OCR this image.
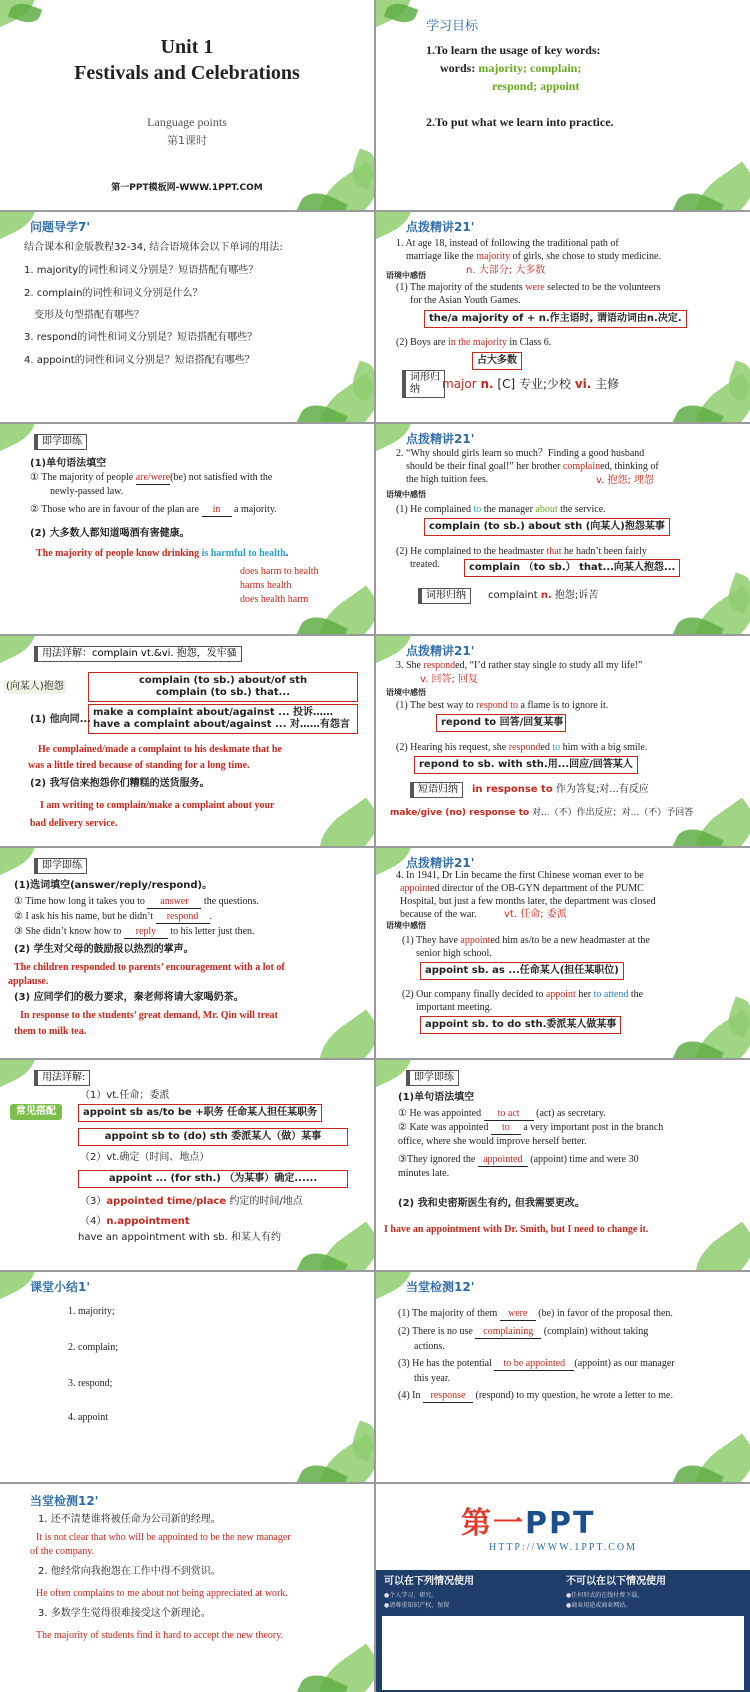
Unit 1
Festivals and Celebrations
Language points
第1课时
第一PPT模板网-WWW.1PPT.COM
学习目标
1.To learn the usage of key words:
words: majority; complain;
respond; appoint
2.To put what we learn into practice.
问题导学7'
结合课本和金版教程32-34, 结合语境体会以下单词的用法:
1. majority的词性和词义分别是？短语搭配有哪些？
2. complain的词性和词义分别是什么？
变形及句型搭配有哪些？
3. respond的词性和词义分别是？短语搭配有哪些？
4. appoint的词性和词义分别是？短语搭配有哪些？
点拨精讲21'
1. At age 18, instead of following the traditional path of
marriage like the majority of girls, she chose to study medicine.
n. 大部分; 大多数
语境中感悟
(1) The majority of the students were selected to be the volunteers
for the Asian Youth Games.
the/a majority of + n.作主语时, 谓语动词由n.决定.
(2) Boys are in the majority in Class 6.
占大多数
词形归纳	major n. [C] 专业;少校 vi. 主修
即学即练
(1)单句语法填空
① The majority of people are/were(be) not satisfied with the
newly-passed law.
② Those who are in favour of the plan are in a majority.
(2) 大多数人都知道喝酒有害健康。
The majority of people know drinking is harmful to health.
does harm to health
harms health
does health harm
点拨精讲21'
2. “Why should girls learn so much？Finding a good husband
should be their final goal!” her brother complained, thinking of
the high tuition fees.	v. 抱怨; 埋怨
语境中感悟
(1) He complained to the manager about the service.
complain (to sb.) about sth (向某人)抱怨某事
(2) He complained to the headmaster that he hadn’t been fairly
treated.	complain （to sb.） that...向某人抱怨...
词形归纳	complaint n. 抱怨;诉苦
用法详解：complain vt.&vi. 抱怨，发牢骚
(向某人)抱怨
complain (to sb.) about/of sth
complain (to sb.) that...
make a complaint about/against ... 投诉……
have a complaint about/against ... 对……有怨言
(1) 他向同...
He complained/made a complaint to his deskmate that he
was a little tired because of standing for a long time.
(2) 我写信来抱怨你们糟糕的送货服务。
I am writing to complain/make a complaint about your
bad delivery service.
点拨精讲21'
3. She responded, “I’d rather stay single to study all my life!”
v. 回答; 回复
语境中感悟
(1) The best way to respond to a flame is to ignore it.
repond to 回答/回复某事
(2) Hearing his request, she responded to him with a big smile.
repond to sb. with sth.用...回应/回答某人
短语归纳	in response to 作为答复;对...有反应
make/give (no) response to 对...（不）作出反应；对...（不）予回答
即学即练
(1)选词填空(answer/reply/respond)。
① Time how long it takes you to answer the questions.
② I ask his his name, but he didn’t respond .
③ She didn’t know how to reply to his letter just then.
(2) 学生对父母的鼓励报以热烈的掌声。
The children responded to parents’ encouragement with a lot of
applause.
(3) 应同学们的极力要求，秦老师将请大家喝奶茶。
In response to the students’ great demand, Mr. Qin will treat
them to milk tea.
点拨精讲21'
4. In 1941, Dr Lin became the first Chinese woman ever to be
appointed director of the OB-GYN department of the PUMC
Hospital, but just a few months later, the department was closed
because of the war.	vt. 任命; 委派
语境中感悟
(1) They have appointed him as/to be a new headmaster at the
senior high school.
appoint sb. as ...任命某人(担任某职位)
(2) Our company finally decided to appoint her to attend the
important meeting.
appoint sb. to do sth.委派某人做某事
用法详解:
常见搭配
（1）vt.任命；委派
appoint sb as/to be +职务 任命某人担任某职务
appoint sb to (do) sth 委派某人（做）某事
（2）vt.确定（时间、地点）
appoint ... (for sth.) （为某事）确定......
（3）appointed time/place 约定的时间/地点
（4）n.appointment
have an appointment with sb. 和某人有约
即学即练
(1)单句语法填空
① He was appointed to act (act) as secretary.
② Kate was appointed to a very important post in the branch
office, where she would improve herself better.
③They ignored the appointed (appoint) time and were 30
minutes late.
(2) 我和史密斯医生有约, 但我需要更改。
I have an appointment with Dr. Smith, but I need to change it.
课堂小结1'
1. majority;
2. complain;
3. respond;
4. appoint
当堂检测12'
(1) The majority of them were (be) in favor of the proposal then.
(2) There is no use complaining (complain) without taking
actions.
(3) He has the potential to be appointed (appoint) as our manager
this year.
(4) In response (respond) to my question, he wrote a letter to me.
当堂检测12'
1. 还不清楚谁将被任命为公司新的经理。
It is not clear that who will be appointed to be the new manager
of the company.
2. 他经常向我抱怨在工作中得不到赏识。
He often complains to me about not being appreciated at work.
3. 多数学生觉得很难接受这个新理论。
The majority of students find it hard to accept the new theory.
第一PPT
HTTP://WWW.1PPT.COM
可以在下列情况使用	不可以在以下情况使用
●个人学习、研究。
●请尊重知识产权，保留
●任何形式的在线付费下载。
●商业用途或商业网站。
